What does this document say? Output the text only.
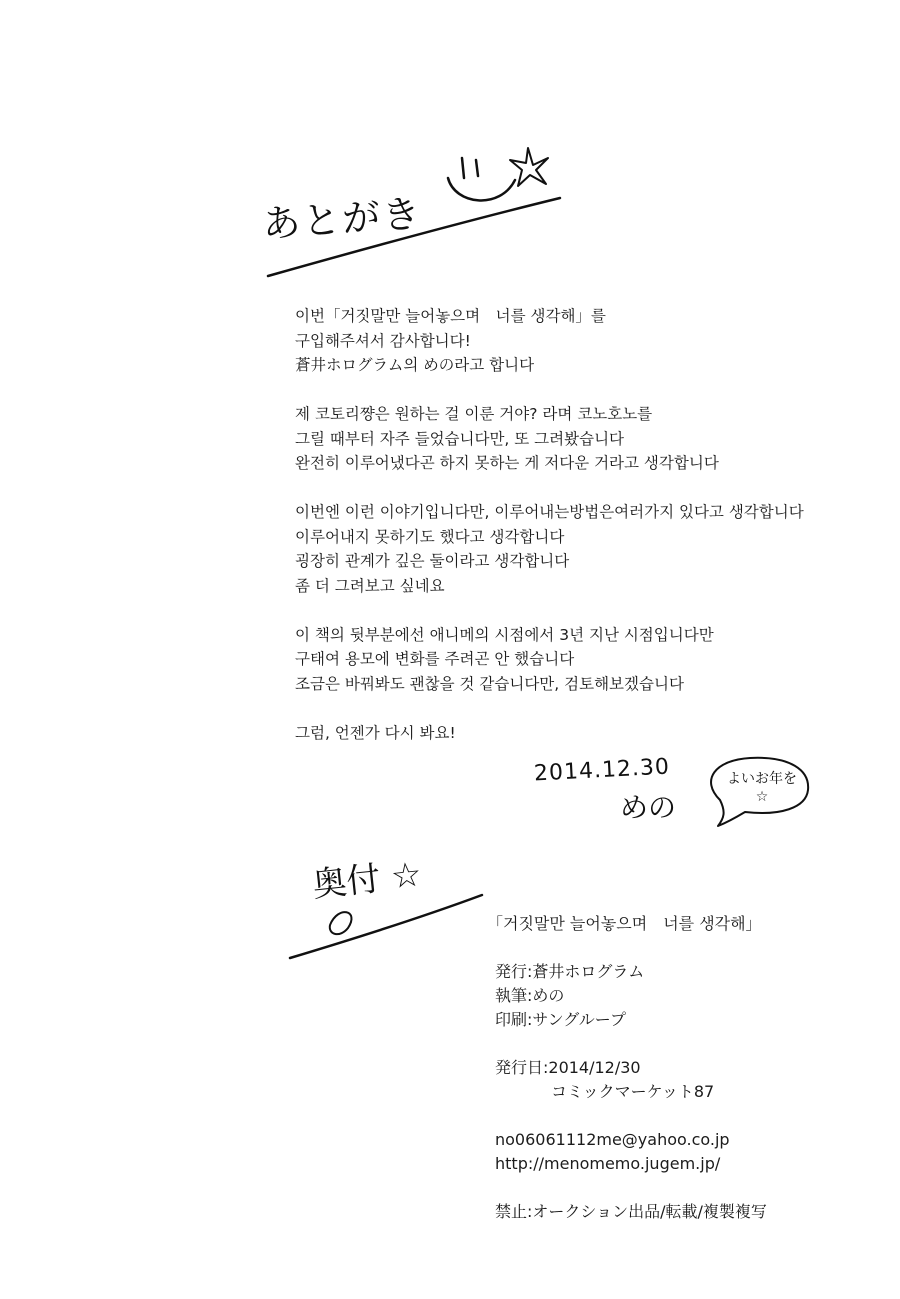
あとがき
이번「거짓말만 늘어놓으며　너를 생각해」를
구입해주셔서 감사합니다!
蒼井ホログラム의 めの라고 합니다
제 코토리쨩은 원하는 걸 이룬 거야? 라며 코노호노를
그릴 때부터 자주 들었습니다만, 또 그려봤습니다
완전히 이루어냈다곤 하지 못하는 게 저다운 거라고 생각합니다
이번엔 이런 이야기입니다만, 이루어내는방법은여러가지 있다고 생각합니다
이루어내지 못하기도 했다고 생각합니다
굉장히 관계가 깊은 둘이라고 생각합니다
좀 더 그려보고 싶네요
이 책의 뒷부분에선 애니메의 시점에서 3년 지난 시점입니다만
구태여 용모에 변화를 주려곤 안 했습니다
조금은 바꿔봐도 괜찮을 것 같습니다만, 검토해보겠습니다
그럼, 언젠가 다시 봐요!
2014.12.30
めの
よいお年を☆
奥付 ☆
「거짓말만 늘어놓으며　너를 생각해」
発行:蒼井ホログラム
執筆:めの
印刷:サングループ
発行日:2014/12/30
コミックマーケット87
no06061112me@yahoo.co.jp
http://menomemo.jugem.jp/
禁止:オークション出品/転載/複製複写
